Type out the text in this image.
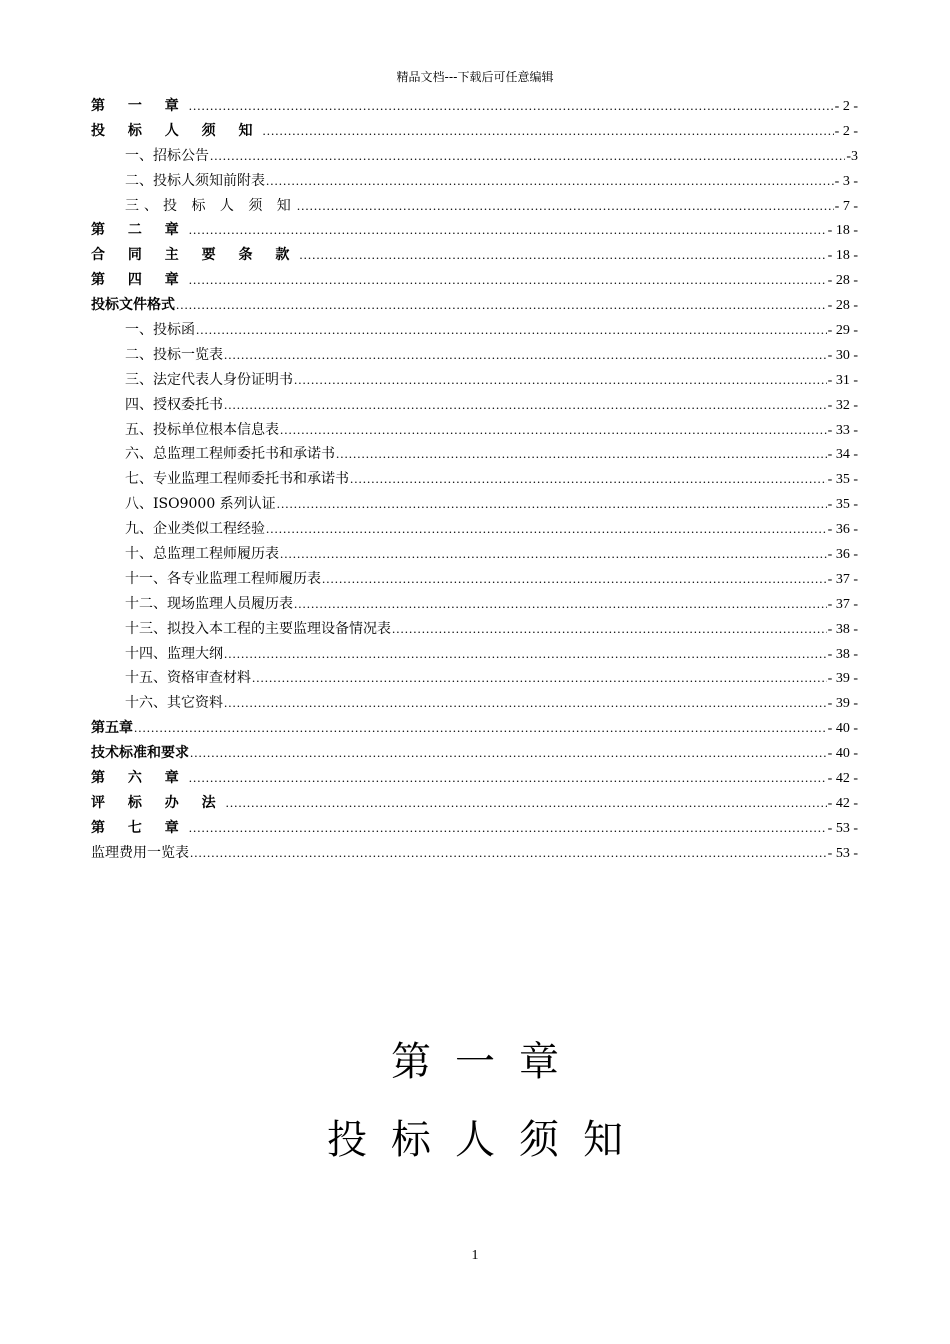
精品文档---下载后可任意编辑
第 一 章 .....	- 2 -
投 标 人 须 知 .....	- 2 -
一、招标公告 .....	-3
二、投标人须知前附表 .....	- 3 -
三、投 标 人 须 知 .....	- 7 -
第 二 章 .....	- 18 -
合 同 主 要 条 款 .....	- 18 -
第 四 章 .....	- 28 -
投标文件格式 .....	- 28 -
一、投标函 .....	- 29 -
二、投标一览表 .....	- 30 -
三、法定代表人身份证明书 .....	- 31 -
四、授权委托书 .....	- 32 -
五、投标单位根本信息表 .....	- 33 -
六、总监理工程师委托书和承诺书 .....	- 34 -
七、专业监理工程师委托书和承诺书 .....	- 35 -
八、ISO9000 系列认证 .....	- 35 -
九、企业类似工程经验 .....	- 36 -
十、总监理工程师履历表 .....	- 36 -
十一、各专业监理工程师履历表 .....	- 37 -
十二、现场监理人员履历表 .....	- 37 -
十三、拟投入本工程的主要监理设备情况表 .....	- 38 -
十四、监理大纲 .....	- 38 -
十五、资格审查材料 .....	- 39 -
十六、其它资料 .....	- 39 -
第五章 .....	- 40 -
技术标准和要求 .....	- 40 -
第 六 章 .....	- 42 -
评 标 办 法 .....	- 42 -
第 七 章 .....	- 53 -
监理费用一览表 .....	- 53 -
第一章
投标人须知
1
